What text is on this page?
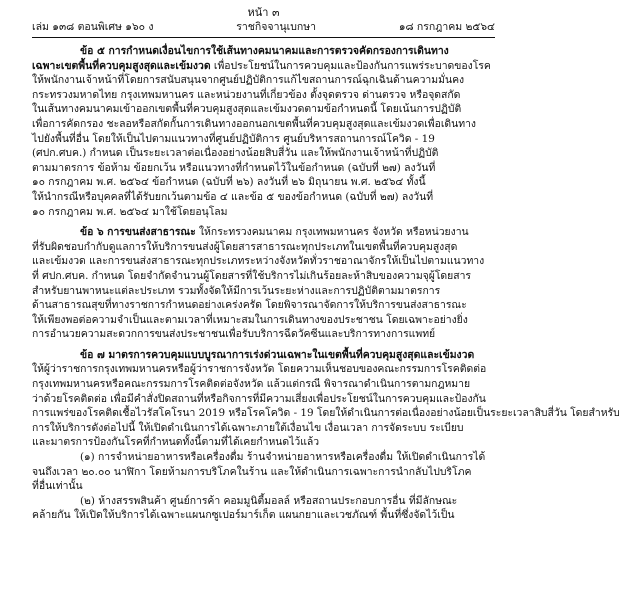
หน้า ๓
เล่ม ๑๓๘ ตอนพิเศษ ๑๖๐ ง	ราชกิจจานุเบกษา	๑๘ กรกฎาคม ๒๕๖๔
ข้อ ๕ การกำหนดเงื่อนไขการใช้เส้นทางคมนาคมและการตรวจคัดกรองการเดินทาง
เฉพาะเขตพื้นที่ควบคุมสูงสุดและเข้มงวด เพื่อประโยชน์ในการควบคุมและป้องกันการแพร่ระบาดของโรค
ให้พนักงานเจ้าหน้าที่โดยการสนับสนุนจากศูนย์ปฏิบัติการแก้ไขสถานการณ์ฉุกเฉินด้านความมั่นคง
กระทรวงมหาดไทย กรุงเทพมหานคร และหน่วยงานที่เกี่ยวข้อง ตั้งจุดตรวจ ด่านตรวจ หรือจุดสกัด
ในเส้นทางคมนาคมเข้าออกเขตพื้นที่ควบคุมสูงสุดและเข้มงวดตามข้อกำหนดนี้ โดยเน้นการปฏิบัติ
เพื่อการคัดกรอง ชะลอหรือสกัดกั้นการเดินทางออกนอกเขตพื้นที่ควบคุมสูงสุดและเข้มงวดเพื่อเดินทาง
ไปยังพื้นที่อื่น โดยให้เป็นไปตามแนวทางที่ศูนย์ปฏิบัติการ ศูนย์บริหารสถานการณ์โควิด - 19
(ศปก.ศบค.) กำหนด เป็นระยะเวลาต่อเนื่องอย่างน้อยสิบสี่วัน และให้พนักงานเจ้าหน้าที่ปฏิบัติ
ตามมาตรการ ข้อห้าม ข้อยกเว้น หรือแนวทางที่กำหนดไว้ในข้อกำหนด (ฉบับที่ ๒๗) ลงวันที่
๑๐ กรกฎาคม พ.ศ. ๒๕๖๔ ข้อกำหนด (ฉบับที่ ๒๖) ลงวันที่ ๒๖ มิถุนายน พ.ศ. ๒๕๖๔ ทั้งนี้
ให้นำกรณีหรือบุคคลที่ได้รับยกเว้นตามข้อ ๔ และข้อ ๕ ของข้อกำหนด (ฉบับที่ ๒๗) ลงวันที่
๑๐ กรกฎาคม พ.ศ. ๒๕๖๔ มาใช้โดยอนุโลม
ข้อ ๖ การขนส่งสาธารณะ ให้กระทรวงคมนาคม กรุงเทพมหานคร จังหวัด หรือหน่วยงาน
ที่รับผิดชอบกำกับดูแลการให้บริการขนส่งผู้โดยสารสาธารณะทุกประเภทในเขตพื้นที่ควบคุมสูงสุด
และเข้มงวด และการขนส่งสาธารณะทุกประเภทระหว่างจังหวัดทั่วราชอาณาจักรให้เป็นไปตามแนวทาง
ที่ ศปก.ศบค. กำหนด โดยจำกัดจำนวนผู้โดยสารที่ใช้บริการไม่เกินร้อยละห้าสิบของความจุผู้โดยสาร
สำหรับยานพาหนะแต่ละประเภท รวมทั้งจัดให้มีการเว้นระยะห่างและการปฏิบัติตามมาตรการ
ด้านสาธารณสุขที่ทางราชการกำหนดอย่างเคร่งครัด โดยพิจารณาจัดการให้บริการขนส่งสาธารณะ
ให้เพียงพอต่อความจำเป็นและตามเวลาที่เหมาะสมในการเดินทางของประชาชน โดยเฉพาะอย่างยิ่ง
การอำนวยความสะดวกการขนส่งประชาชนเพื่อรับบริการฉีดวัคซีนและบริการทางการแพทย์
ข้อ ๗ มาตรการควบคุมแบบบูรณาการเร่งด่วนเฉพาะในเขตพื้นที่ควบคุมสูงสุดและเข้มงวด
ให้ผู้ว่าราชการกรุงเทพมหานครหรือผู้ว่าราชการจังหวัด โดยความเห็นชอบของคณะกรรมการโรคติดต่อ
กรุงเทพมหานครหรือคณะกรรมการโรคติดต่อจังหวัด แล้วแต่กรณี พิจารณาดำเนินการตามกฎหมาย
ว่าด้วยโรคติดต่อ เพื่อมีคำสั่งปิดสถานที่หรือกิจการที่มีความเสี่ยงเพื่อประโยชน์ในการควบคุมและป้องกัน
การแพร่ของโรคติดเชื้อไวรัสโคโรนา 2019 หรือโรคโควิด - 19 โดยให้ดำเนินการต่อเนื่องอย่างน้อยเป็นระยะเวลาสิบสี่วัน โดยสำหรับ
การให้บริการดังต่อไปนี้ ให้เปิดดำเนินการได้เฉพาะภายใต้เงื่อนไข เงื่อนเวลา การจัดระบบ ระเบียบ
และมาตรการป้องกันโรคที่กำหนดทั้งนี้ตามที่ได้เคยกำหนดไว้แล้ว
(๑) การจำหน่ายอาหารหรือเครื่องดื่ม ร้านจำหน่ายอาหารหรือเครื่องดื่ม ให้เปิดดำเนินการได้
จนถึงเวลา ๒๐.๐๐ นาฬิกา โดยห้ามการบริโภคในร้าน และให้ดำเนินการเฉพาะการนำกลับไปบริโภค
ที่อื่นเท่านั้น
(๒) ห้างสรรพสินค้า ศูนย์การค้า คอมมูนิตี้มอลล์ หรือสถานประกอบการอื่น ที่มีลักษณะ
คล้ายกัน ให้เปิดให้บริการได้เฉพาะแผนกซูเปอร์มาร์เก็ต แผนกยาและเวชภัณฑ์ พื้นที่ซึ่งจัดไว้เป็น
